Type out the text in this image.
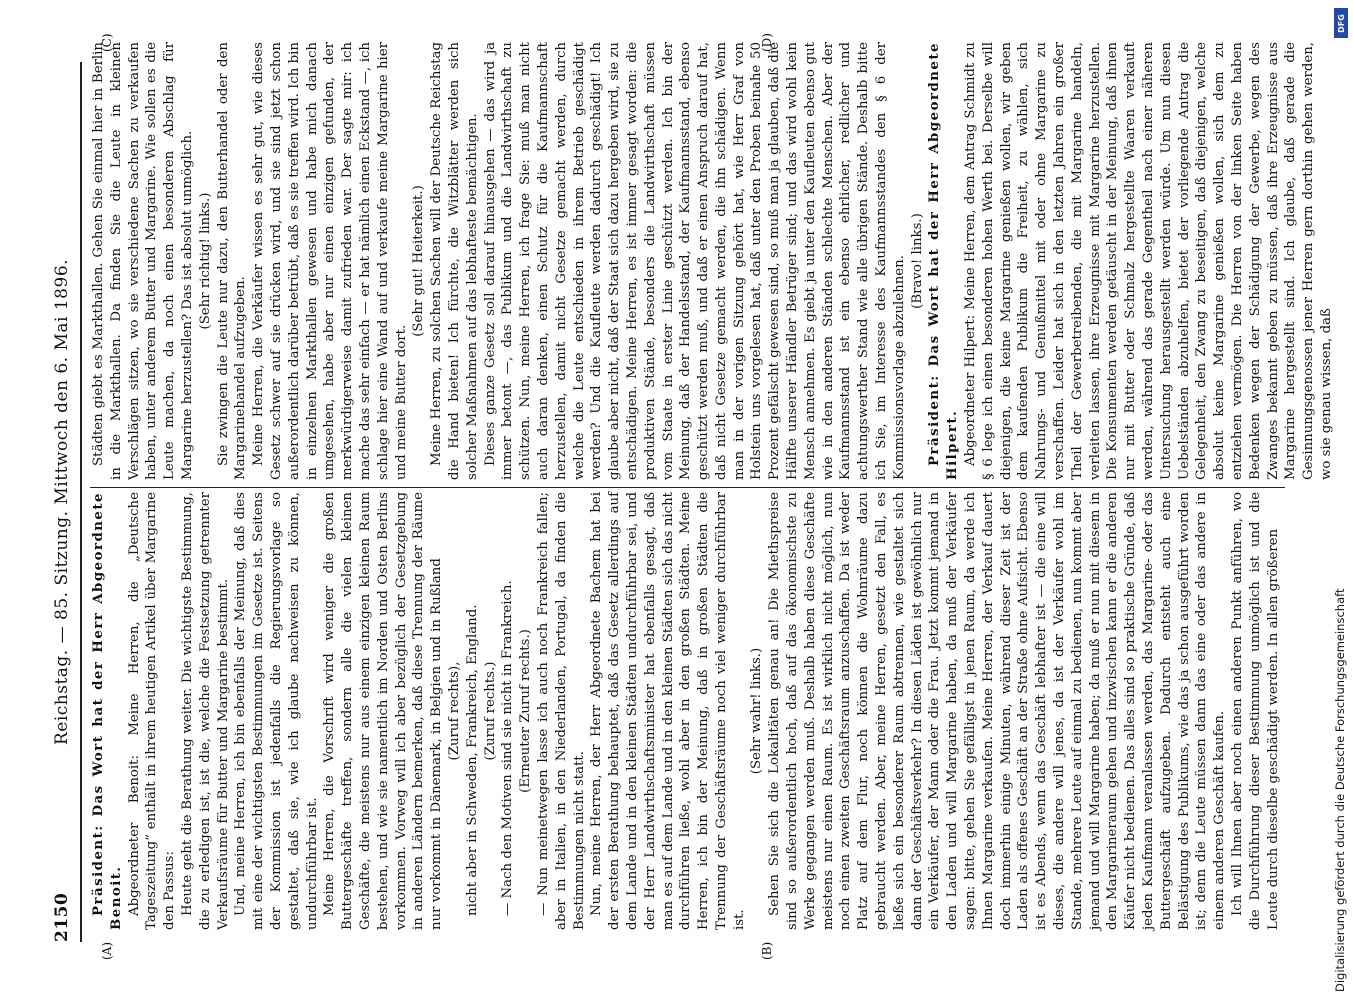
2150
Reichstag. — 85. Sitzung. Mittwoch den 6. Mai 1896.
(A)	(B)
(C)	(D)

Präsident: Das Wort hat der Herr Abgeordnete Benoit. Abgeordneter Benoit: Meine Herren, die „Deutsche Tageszeitung“ enthält in ihrem heutigen Artikel über Margarine den Passus: Heute geht die Berathung weiter. Die wichtigste Bestimmung, die zu erledigen ist, ist die, welche die Festsetzung getrennter Verkaufsräume für Butter und Margarine bestimmt. Und, meine Herren, ich bin ebenfalls der Meinung, daß dies mit eine der wichtigsten Bestimmungen im Gesetze ist. Seitens der Kommission ist jedenfalls die Regierungsvorlage so gestaltet, daß sie, wie ich glaube nachweisen zu können, undurchführbar ist. Meine Herren, die Vorschrift wird weniger die großen Buttergeschäfte treffen, sondern alle die vielen kleinen Geschäfte, die meistens nur aus einem einzigen kleinen Raum bestehen, und wie sie namentlich im Norden und Osten Berlins vorkommen. Vorweg will ich aber bezüglich der Gesetzgebung in anderen Ländern bemerken, daß diese Trennung der Räume nur vorkommt in Dänemark, in Belgien und in Rußland (Zuruf rechts), nicht aber in Schweden, Frankreich, England. (Zuruf rechts.) — Nach den Motiven sind sie nicht in Frankreich. (Erneuter Zuruf rechts.) — Nun meinetwegen lasse ich auch noch Frankreich fallen; aber in Italien, in den Niederlanden, Portugal, da finden die Bestimmungen nicht statt. Nun, meine Herren, der Herr Abgeordnete Bachem hat bei der ersten Berathung behauptet, daß das Gesetz allerdings auf dem Lande und in den kleinen Städten undurchführbar sei, und der Herr Landwirthschaftsminister hat ebenfalls gesagt, daß man es auf dem Lande und in den kleinen Städten sich das nicht durchführen ließe, wohl aber in den großen Städten. Meine Herren, ich bin der Meinung, daß in großen Städten die Trennung der Geschäftsräume noch viel weniger durchführbar ist.

(Sehr wahr! links.) Sehen Sie sich die Lokalitäten genau an! Die Miethspreise sind so außerordentlich hoch, daß auf das ökonomischste zu Werke gegangen werden muß. Deshalb haben diese Geschäfte meistens nur einen Raum. Es ist wirklich nicht möglich, nun noch einen zweiten Geschäftsraum anzuschaffen. Da ist weder Platz auf dem Flur, noch können die Wohnräume dazu gebraucht werden. Aber, meine Herren, gesetzt den Fall, es ließe sich ein besonderer Raum abtrennen, wie gestaltet sich dann der Geschäftsverkehr? In diesen Läden ist gewöhnlich nur ein Verkäufer, der Mann oder die Frau. Jetzt kommt jemand in den Laden und will Margarine haben, da muß der Verkäufer sagen: bitte, gehen Sie gefälligst in jenen Raum, da werde ich Ihnen Margarine verkaufen. Meine Herren, der Verkauf dauert doch immerhin einige Minuten, während dieser Zeit ist der Laden als offenes Geschäft an der Straße ohne Aufsicht. Ebenso ist es Abends, wenn das Geschäft lebhafter ist — die eine will dieses, die andere will jenes, da ist der Verkäufer wohl im Stande, mehrere Leute auf einmal zu bedienen, nun kommt aber jemand und will Margarine haben; da muß er nun mit diesem in den Margarineraum gehen und inzwischen kann er die anderen Käufer nicht bedienen. Das alles sind so praktische Gründe, daß jeden Kaufmann veranlassen werden, das Margarine- oder das Buttergeschäft aufzugeben. Dadurch entsteht auch eine Belästigung des Publikums, wie das ja schon ausgeführt worden ist; denn die Leute müssen dann das eine oder das andere in einem anderen Geschäft kaufen. Ich will Ihnen aber noch einen anderen Punkt anführen, wo die Durchführung dieser Bestimmung unmöglich ist und die Leute durch dieselbe geschädigt werden. In allen größeren

Städten giebt es Markthallen. Gehen Sie einmal hier in Berlin in die Markthallen. Da finden Sie die Leute in kleinen Verschlägen sitzen, wo sie verschiedene Sachen zu verkaufen haben, unter anderem Butter und Margarine. Wie sollen es die Leute machen, da noch einen besonderen Abschlag für Margarine herzustellen? Das ist absolut unmöglich. (Sehr richtig! links.) Sie zwingen die Leute nur dazu, den Butterhandel oder den Margarinehandel aufzugeben. Meine Herren, die Verkäufer wissen es sehr gut, wie dieses Gesetz schwer auf sie drücken wird, und sie sind jetzt schon außerordentlich darüber betrübt, daß es sie treffen wird. Ich bin in einzelnen Markthallen gewesen und habe mich danach umgesehen, habe aber nur einen einzigen gefunden, der merkwürdigerweise damit zufrieden war. Der sagte mir: ich mache das sehr einfach — er hat nämlich einen Eckstand —, ich schlage hier eine Wand auf und verkaufe meine Margarine hier und meine Butter dort.

(Sehr gut! Heiterkeit.) Meine Herren, zu solchen Sachen will der Deutsche Reichstag die Hand bieten! Ich fürchte, die Witzblätter werden sich solcher Maßnahmen auf das lebhafteste bemächtigen. Dieses ganze Gesetz soll darauf hinausgehen — das wird ja immer betont —, das Publikum und die Landwirthschaft zu schützen. Nun, meine Herren, ich frage Sie: muß man nicht auch daran denken, einen Schutz für die Kaufmannschaft herzustellen, damit nicht Gesetze gemacht werden, durch welche die Leute entschieden in ihrem Betrieb geschädigt werden? Und die Kaufleute werden dadurch geschädigt! Ich glaube aber nicht, daß der Staat sich dazu hergeben wird, sie zu entschädigen. Meine Herren, es ist immer gesagt worden: die produktiven Stände, besonders die Landwirthschaft müssen vom Staate in erster Linie geschützt werden. Ich bin der Meinung, daß der Handelsstand, der Kaufmannsstand, ebenso geschützt werden muß, und daß er einen Anspruch darauf hat, daß nicht Gesetze gemacht werden, die ihn schädigen. Wenn man in der vorigen Sitzung gehört hat, wie Herr Graf von Holstein uns vorgelesen hat, daß unter den Proben beinahe 50 Prozent gefälscht gewesen sind, so muß man ja glauben, daß die Hälfte unserer Händler Betrüger sind; und das wird wohl kein Mensch annehmen. Es giebt ja unter den Kaufleuten ebenso gut wie in den anderen Ständen schlechte Menschen. Aber der Kaufmannsstand ist ein ebenso ehrlicher, redlicher und achtungswerther Stand wie alle übrigen Stände. Deshalb bitte ich Sie, im Interesse des Kaufmannsstandes den § 6 der Kommissionsvorlage abzulehnen. (Bravo! links.) Präsident: Das Wort hat der Herr Abgeordnete Hilpert. Abgeordneter Hilpert: Meine Herren, dem Antrag Schmidt zu § 6 lege ich einen besonderen hohen Werth bei. Derselbe will diejenigen, die keine Margarine genießen wollen, wir geben dem kaufenden Publikum die Freiheit, zu wählen, sich Nahrungs- und Genußmittel mit oder ohne Margarine zu verschaffen. Leider hat sich in den letzten Jahren ein großer Theil der Gewerbetreibenden, die mit Margarine handeln, verleiten lassen, ihre Erzeugnisse mit Margarine herzustellen. Die Konsumenten werden getäuscht in der Meinung, daß ihnen nur mit Butter oder Schmalz hergestellte Waaren verkauft werden, während das gerade Gegentheil nach einer näheren Untersuchung herausgestellt werden würde. Um nun diesen Uebelständen abzuhelfen, bietet der vorliegende Antrag die Gelegenheit, den Zwang zu beseitigen, daß diejenigen, welche absolut keine Margarine genießen wollen, sich dem zu entziehen vermögen. Die Herren von der linken Seite haben Bedenken wegen der Schädigung der Gewerbe, wegen des Zwanges bekannt geben zu müssen, daß ihre Erzeugnisse aus Margarine hergestellt sind. Ich glaube, daß gerade die Gesinnungsgenossen jener Herren gern dorthin gehen werden, wo sie genau wissen, daß

DFG
Digitalisierung gefördert durch die Deutsche Forschungsgemeinschaft
